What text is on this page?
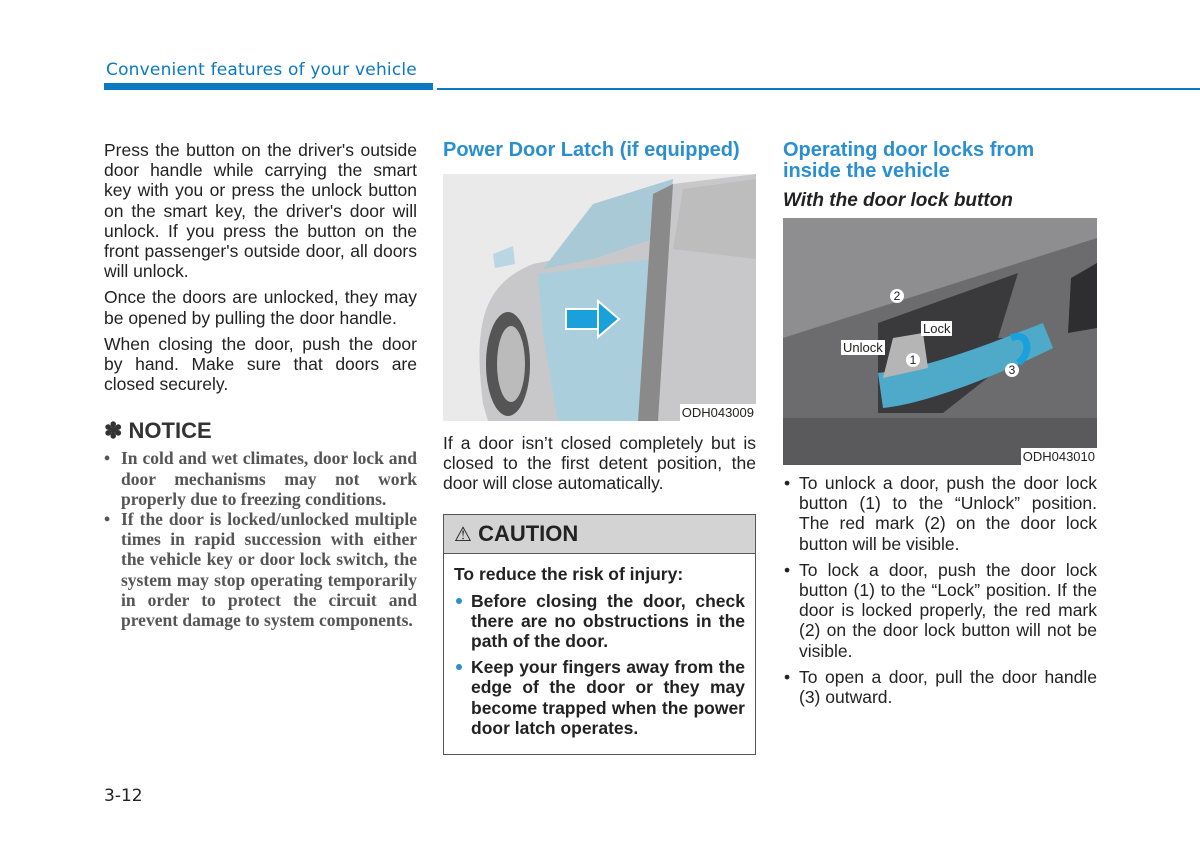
Convenient features of your vehicle

Press the button on the driver's outside door handle while carrying the smart key with you or press the unlock button on the smart key, the driver's door will unlock. If you press the button on the front passenger's outside door, all doors will unlock.

Once the doors are unlocked, they may be opened by pulling the door handle.

When closing the door, push the door by hand. Make sure that doors are closed securely.

✽ NOTICE
• In cold and wet climates, door lock and door mechanisms may not work properly due to freezing conditions.
• If the door is locked/unlocked multiple times in rapid succession with either the vehicle key or door lock switch, the system may stop operating temporarily in order to protect the circuit and prevent damage to system components.
Power Door Latch (if equipped)
ODH043009

If a door isn’t closed completely but is closed to the first detent position, the door will close automatically.

⚠ CAUTION
To reduce the risk of injury:
Before closing the door, check there are no obstructions in the path of the door.
Keep your fingers away from the edge of the door or they may become trapped when the power door latch operates.
Operating door locks from inside the vehicle
With the door lock button
Unlock
Lock
1
2
3
ODH043010
• To unlock a door, push the door lock button (1) to the “Unlock” position. The red mark (2) on the door lock button will be visible.
• To lock a door, push the door lock button (1) to the “Lock” position. If the door is locked properly, the red mark (2) on the door lock button will not be visible.
• To open a door, pull the door handle (3) outward.
3-12
